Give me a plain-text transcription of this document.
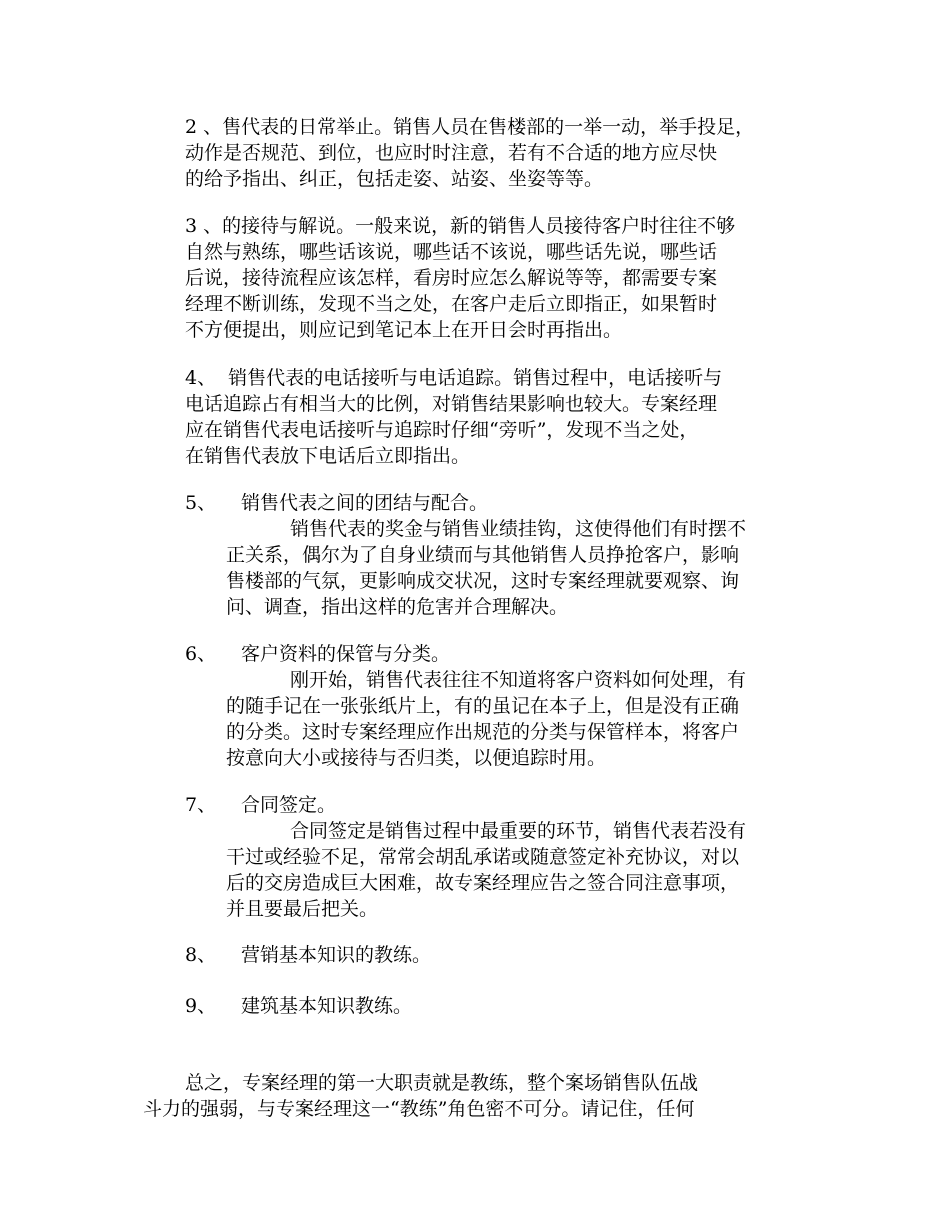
2 、售代表的日常举止。销售人员在售楼部的一举一动，举手投足，
动作是否规范、到位，也应时时注意，若有不合适的地方应尽快
的给予指出、纠正，包括走姿、站姿、坐姿等等。
3 、的接待与解说。一般来说，新的销售人员接待客户时往往不够
自然与熟练，哪些话该说，哪些话不该说，哪些话先说，哪些话
后说，接待流程应该怎样，看房时应怎么解说等等，都需要专案
经理不断训练，发现不当之处，在客户走后立即指正，如果暂时
不方便提出，则应记到笔记本上在开日会时再指出。
4、  销售代表的电话接听与电话追踪。销售过程中，电话接听与
电话追踪占有相当大的比例，对销售结果影响也较大。专案经理
应在销售代表电话接听与追踪时仔细“旁听”，发现不当之处，
在销售代表放下电话后立即指出。
5、 销售代表之间的团结与配合。
销售代表的奖金与销售业绩挂钩，这使得他们有时摆不
正关系，偶尔为了自身业绩而与其他销售人员挣抢客户，影响
售楼部的气氛，更影响成交状况，这时专案经理就要观察、询
问、调查，指出这样的危害并合理解决。
6、 客户资料的保管与分类。
刚开始，销售代表往往不知道将客户资料如何处理，有
的随手记在一张张纸片上，有的虽记在本子上，但是没有正确
的分类。这时专案经理应作出规范的分类与保管样本，将客户
按意向大小或接待与否归类，以便追踪时用。
7、 合同签定。
合同签定是销售过程中最重要的环节，销售代表若没有
干过或经验不足，常常会胡乱承诺或随意签定补充协议，对以
后的交房造成巨大困难，故专案经理应告之签合同注意事项，
并且要最后把关。
8、 营销基本知识的教练。
9、 建筑基本知识教练。
总之，专案经理的第一大职责就是教练，整个案场销售队伍战
斗力的强弱，与专案经理这一“教练”角色密不可分。请记住，任何
